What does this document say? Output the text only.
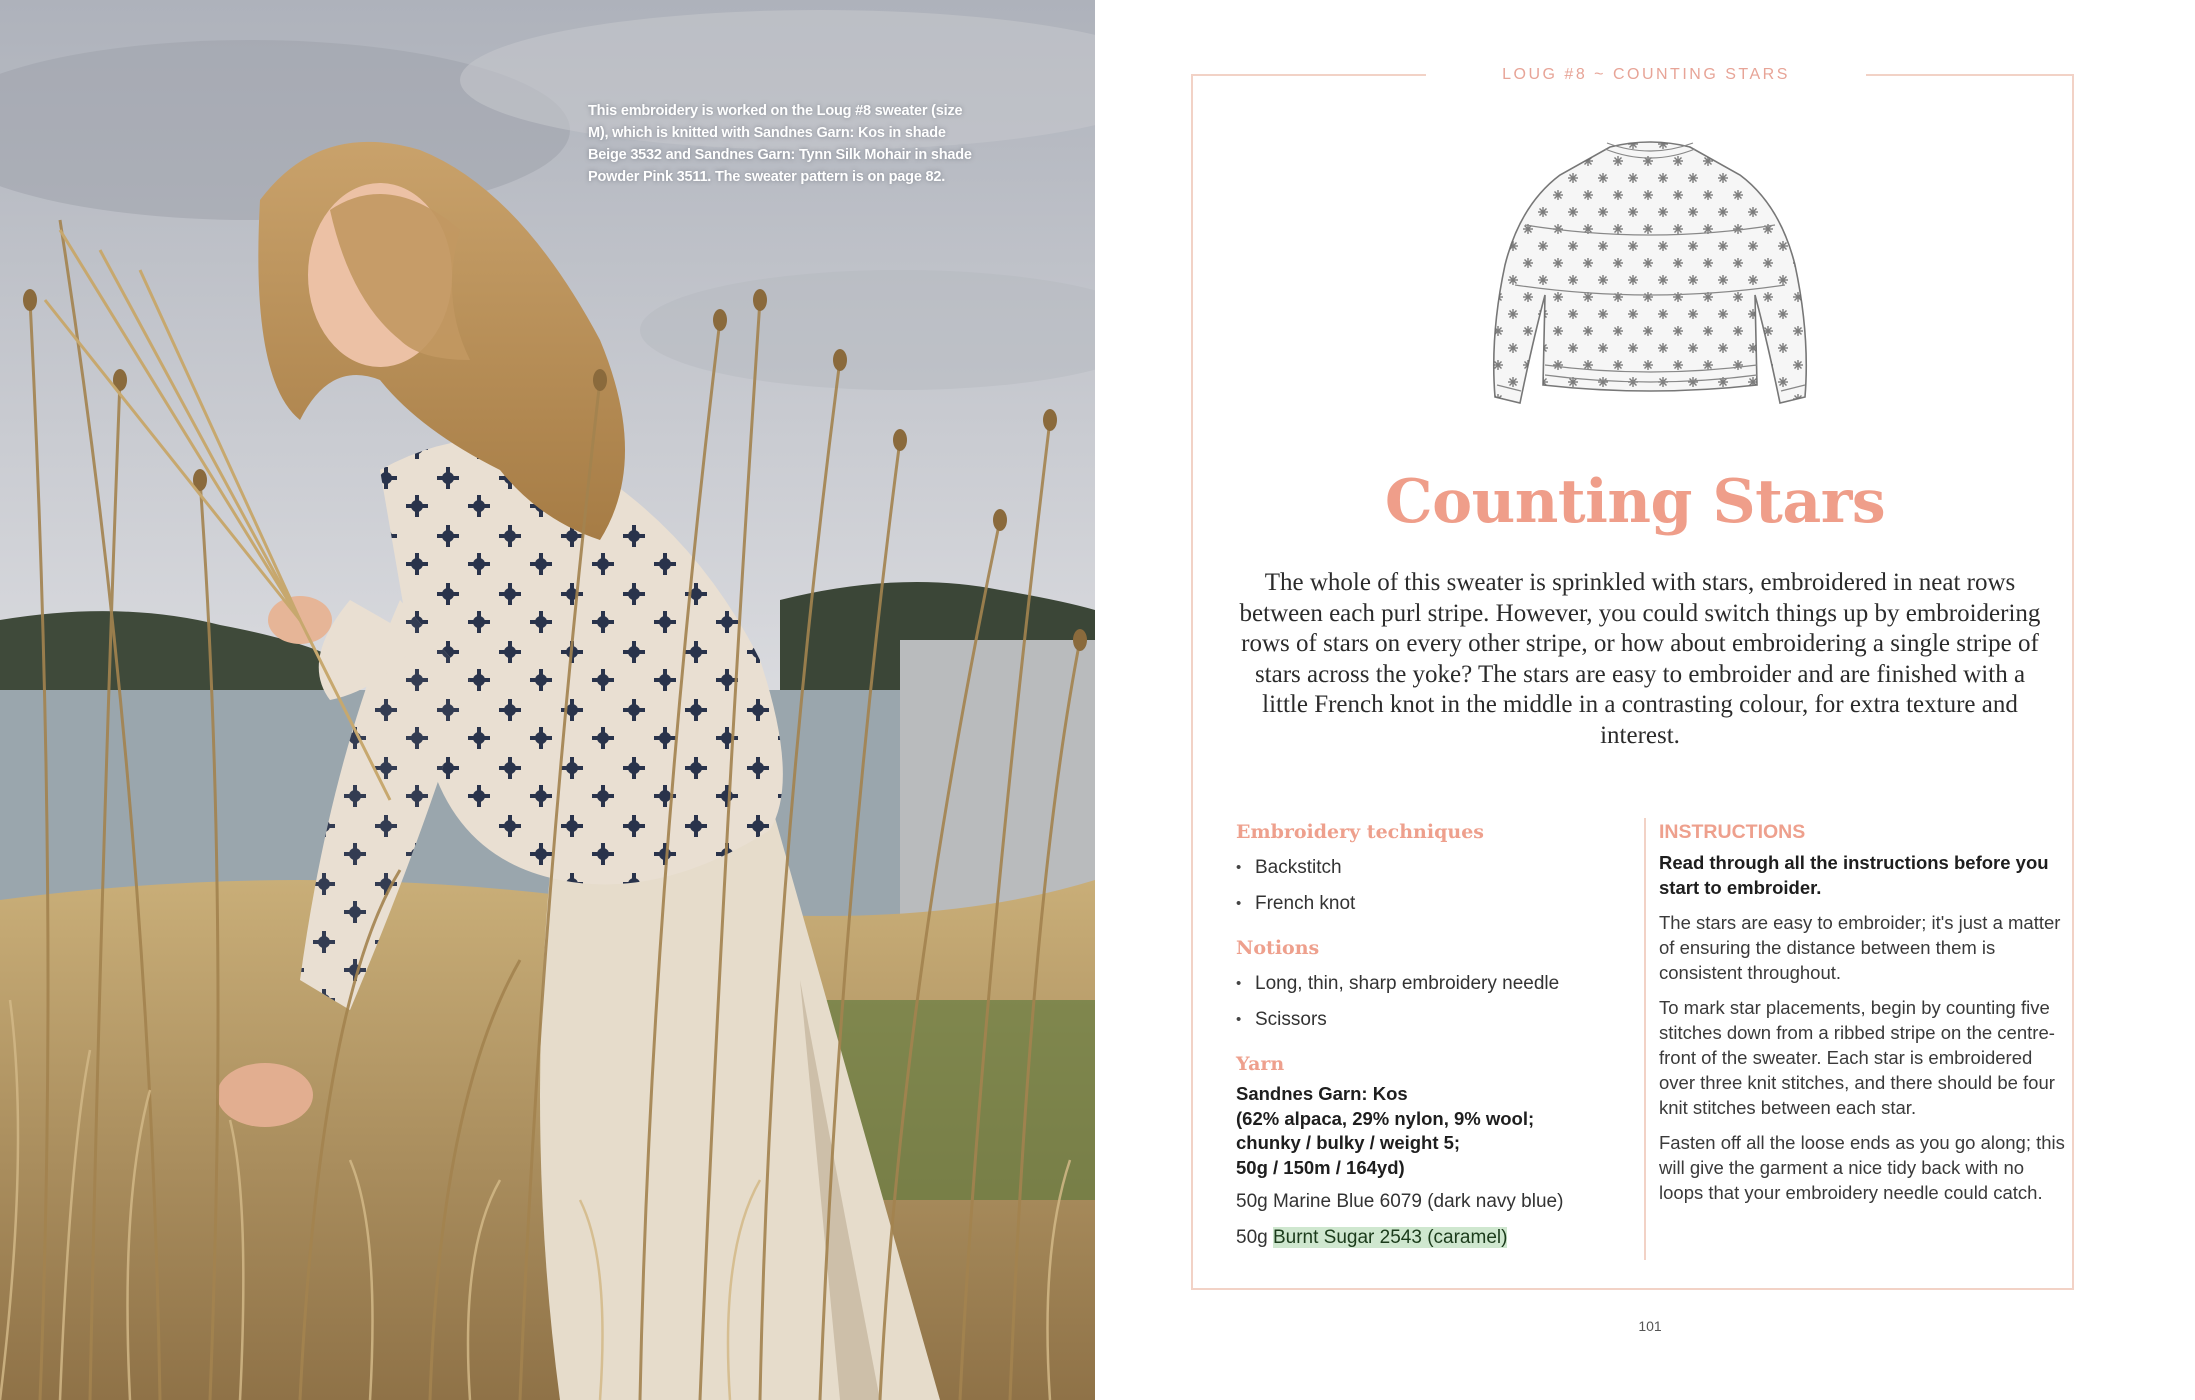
This embroidery is worked on the Loug #8 sweater (size M), which is knitted with Sandnes Garn: Kos in shade Beige 3532 and Sandnes Garn: Tynn Silk Mohair in shade Powder Pink 3511. The sweater pattern is on page 82.
LOUG #8 ~ COUNTING STARS
Counting Stars
The whole of this sweater is sprinkled with stars, embroidered in neat rows between each purl stripe. However, you could switch things up by embroidering rows of stars on every other stripe, or how about embroidering a single stripe of stars across the yoke? The stars are easy to embroider and are finished with a little French knot in the middle in a contrasting colour, for extra texture and interest.
Embroidery techniques
• Backstitch
• French knot
Notions
• Long, thin, sharp embroidery needle
• Scissors
Yarn
Sandnes Garn: Kos
(62% alpaca, 29% nylon, 9% wool;
chunky / bulky / weight 5;
50g / 150m / 164yd)
50g Marine Blue 6079 (dark navy blue)
50g Burnt Sugar 2543 (caramel)
INSTRUCTIONS

Read through all the instructions before you start to embroider.

The stars are easy to embroider; it's just a matter of ensuring the distance between them is consistent throughout.

To mark star placements, begin by counting five stitches down from a ribbed stripe on the centre-front of the sweater. Each star is embroidered over three knit stitches, and there should be four knit stitches between each star.

Fasten off all the loose ends as you go along; this will give the garment a nice tidy back with no loops that your embroidery needle could catch.

101
